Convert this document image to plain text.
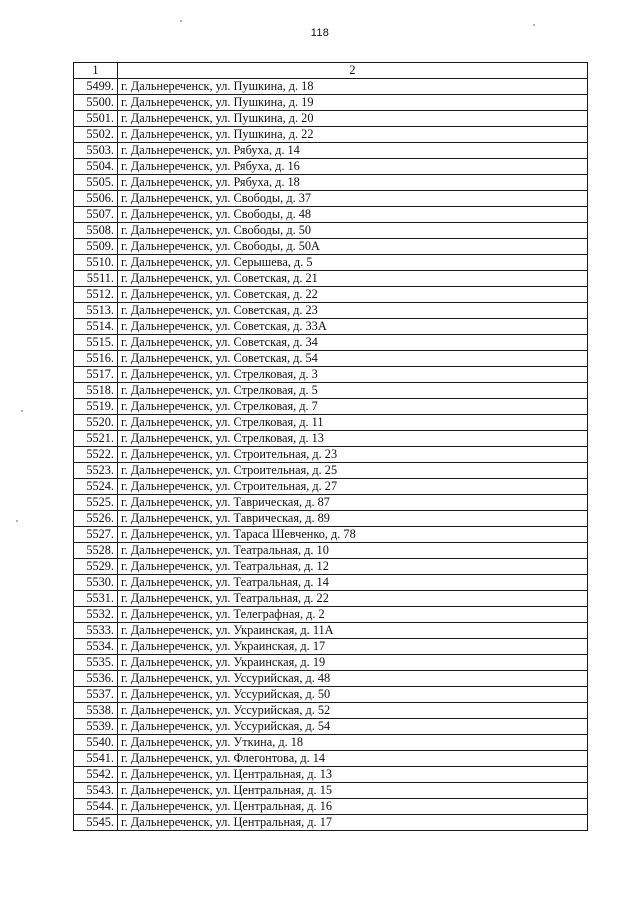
118
1	2
5499.	г. Дальнереченск, ул. Пушкина, д. 18
5500.	г. Дальнереченск, ул. Пушкина, д. 19
5501.	г. Дальнереченск, ул. Пушкина, д. 20
5502.	г. Дальнереченск, ул. Пушкина, д. 22
5503.	г. Дальнереченск, ул. Рябуха, д. 14
5504.	г. Дальнереченск, ул. Рябуха, д. 16
5505.	г. Дальнереченск, ул. Рябуха, д. 18
5506.	г. Дальнереченск, ул. Свободы, д. 37
5507.	г. Дальнереченск, ул. Свободы, д. 48
5508.	г. Дальнереченск, ул. Свободы, д. 50
5509.	г. Дальнереченск, ул. Свободы, д. 50А
5510.	г. Дальнереченск, ул. Серышева, д. 5
5511.	г. Дальнереченск, ул. Советская, д. 21
5512.	г. Дальнереченск, ул. Советская, д. 22
5513.	г. Дальнереченск, ул. Советская, д. 23
5514.	г. Дальнереченск, ул. Советская, д. 33А
5515.	г. Дальнереченск, ул. Советская, д. 34
5516.	г. Дальнереченск, ул. Советская, д. 54
5517.	г. Дальнереченск, ул. Стрелковая, д. 3
5518.	г. Дальнереченск, ул. Стрелковая, д. 5
5519.	г. Дальнереченск, ул. Стрелковая, д. 7
5520.	г. Дальнереченск, ул. Стрелковая, д. 11
5521.	г. Дальнереченск, ул. Стрелковая, д. 13
5522.	г. Дальнереченск, ул. Строительная, д. 23
5523.	г. Дальнереченск, ул. Строительная, д. 25
5524.	г. Дальнереченск, ул. Строительная, д. 27
5525.	г. Дальнереченск, ул. Таврическая, д. 87
5526.	г. Дальнереченск, ул. Таврическая, д. 89
5527.	г. Дальнереченск, ул. Тараса Шевченко, д. 78
5528.	г. Дальнереченск, ул. Театральная, д. 10
5529.	г. Дальнереченск, ул. Театральная, д. 12
5530.	г. Дальнереченск, ул. Театральная, д. 14
5531.	г. Дальнереченск, ул. Театральная, д. 22
5532.	г. Дальнереченск, ул. Телеграфная, д. 2
5533.	г. Дальнереченск, ул. Украинская, д. 11А
5534.	г. Дальнереченск, ул. Украинская, д. 17
5535.	г. Дальнереченск, ул. Украинская, д. 19
5536.	г. Дальнереченск, ул. Уссурийская, д. 48
5537.	г. Дальнереченск, ул. Уссурийская, д. 50
5538.	г. Дальнереченск, ул. Уссурийская, д. 52
5539.	г. Дальнереченск, ул. Уссурийская, д. 54
5540.	г. Дальнереченск, ул. Уткина, д. 18
5541.	г. Дальнереченск, ул. Флегонтова, д. 14
5542.	г. Дальнереченск, ул. Центральная, д. 13
5543.	г. Дальнереченск, ул. Центральная, д. 15
5544.	г. Дальнереченск, ул. Центральная, д. 16
5545.	г. Дальнереченск, ул. Центральная, д. 17
